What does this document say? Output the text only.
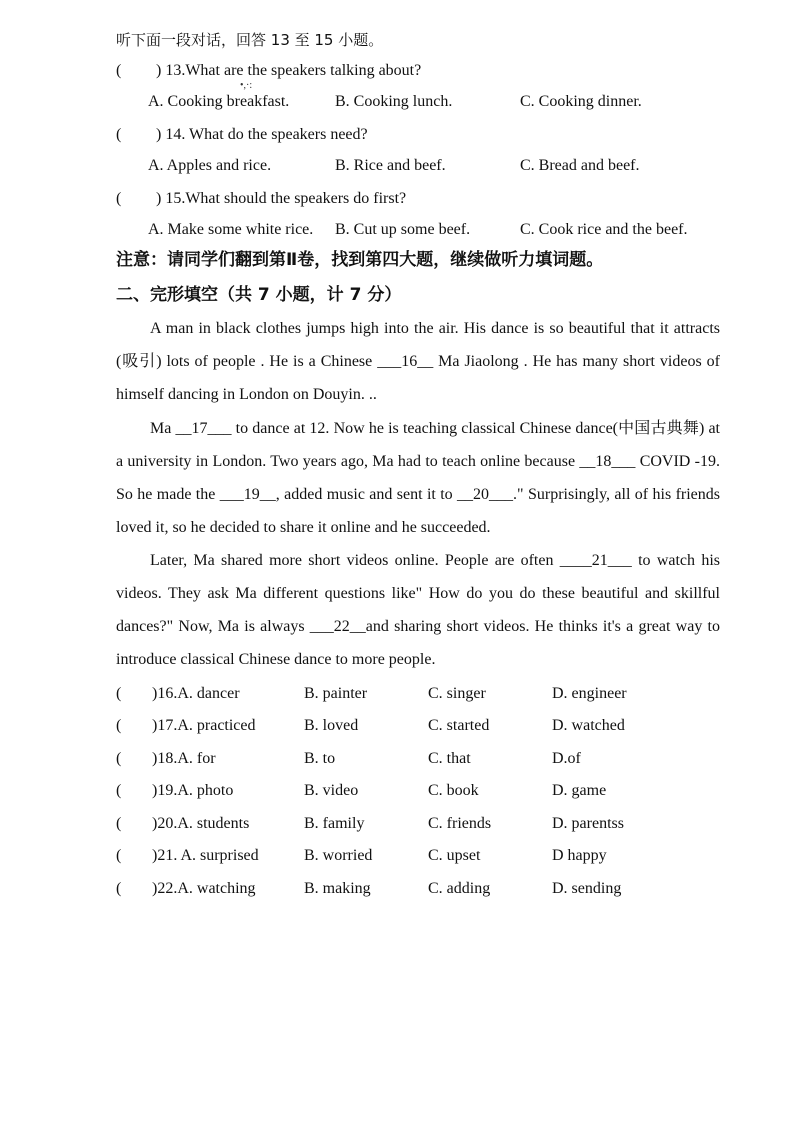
听下面一段对话，回答 13 至 15 小题。
( ) 13.What are the speakers talking about?
•,·:
A. Cooking breakfast.	B. Cooking lunch.	C. Cooking dinner.
( ) 14. What do the speakers need?
A. Apples and rice.	B. Rice and beef.	C. Bread and beef.
( ) 15.What should the speakers do first?
A. Make some white rice. B. Cut up some beef.	C. Cook rice and the beef.
注意：请同学们翻到第Ⅱ卷，找到第四大题，继续做听力填词题。
二、完形填空（共 7 小题，计 7 分）
A man in black clothes jumps high into the air. His dance is so beautiful that it attracts (吸引) lots of people . He is a Chinese ___16__ Ma Jiaolong . He has many short videos of himself dancing in London on Douyin. ..
Ma __17___ to dance at 12. Now he is teaching classical Chinese dance(中国古典舞) at a university in London. Two years ago, Ma had to teach online because __18___ COVID -19. So he made the ___19__, added music and sent it to __20___." Surprisingly, all of his friends loved it, so he decided to share it online and he succeeded.
Later, Ma shared more short videos online. People are often ____21___ to watch his videos. They ask Ma different questions like" How do you do these beautiful and skillful dances?" Now, Ma is always ___22__and sharing short videos. He thinks it's a great way to introduce classical Chinese dance to more people.
( )16.A. dancer	B. painter	C. singer	D. engineer
( )17.A. practiced	B. loved	C. started	D. watched
( )18.A. for	B. to	C. that	D.of
( )19.A. photo	B. video	C. book	D. game
( )20.A. students	B. family	C. friends	D. parentss
( )21. A. surprised	B. worried	C. upset	D happy
( )22.A. watching	B. making	C. adding	D. sending
